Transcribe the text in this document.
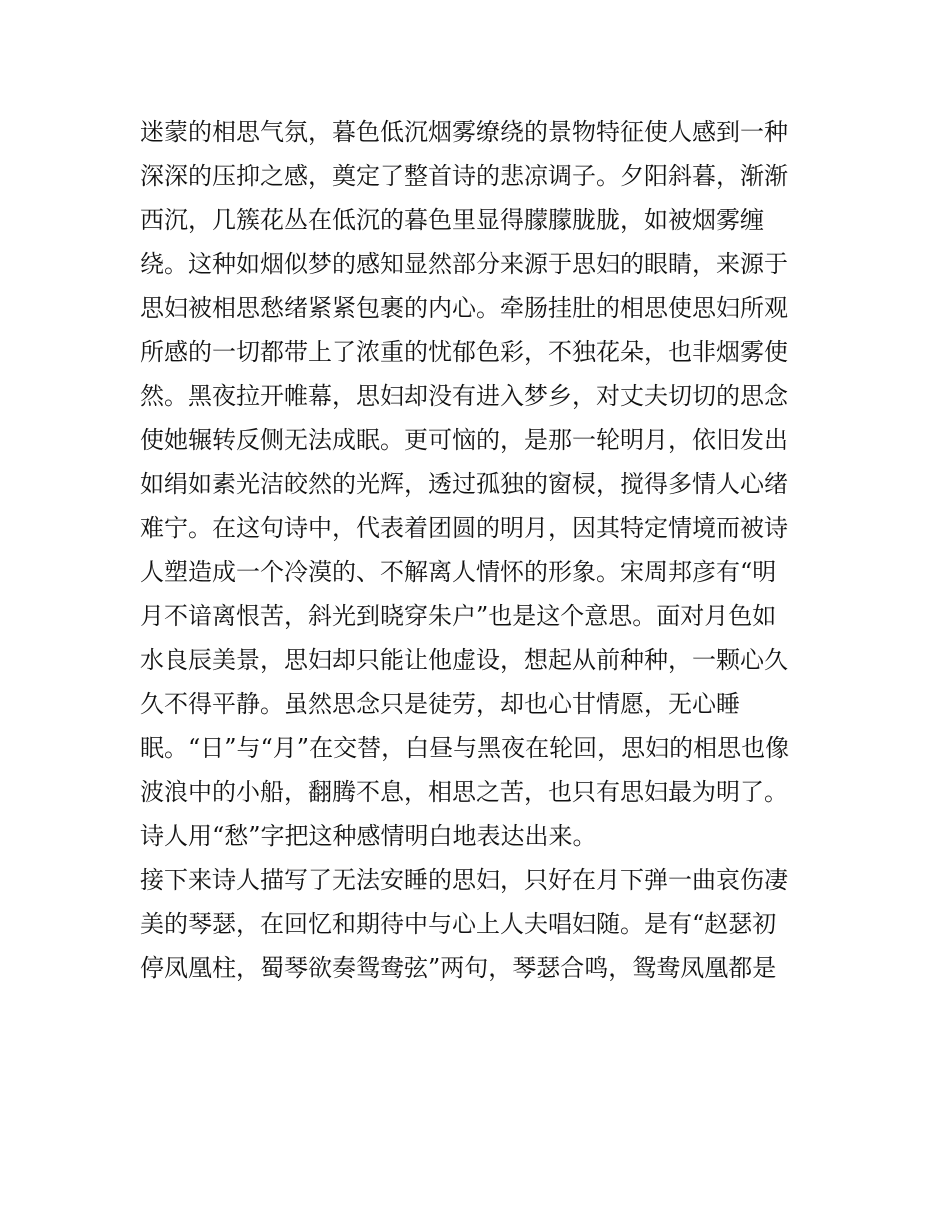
迷蒙的相思气氛，暮色低沉烟雾缭绕的景物特征使人感到一种
深深的压抑之感，奠定了整首诗的悲凉调子。夕阳斜暮，渐渐
西沉，几簇花丛在低沉的暮色里显得朦朦胧胧，如被烟雾缠
绕。这种如烟似梦的感知显然部分来源于思妇的眼睛，来源于
思妇被相思愁绪紧紧包裹的内心。牵肠挂肚的相思使思妇所观
所感的一切都带上了浓重的忧郁色彩，不独花朵，也非烟雾使
然。黑夜拉开帷幕，思妇却没有进入梦乡，对丈夫切切的思念
使她辗转反侧无法成眠。更可恼的，是那一轮明月，依旧发出
如绢如素光洁皎然的光辉，透过孤独的窗棂，搅得多情人心绪
难宁。在这句诗中，代表着团圆的明月，因其特定情境而被诗
人塑造成一个冷漠的、不解离人情怀的形象。宋周邦彦有“明
月不谙离恨苦，斜光到晓穿朱户”也是这个意思。面对月色如
水良辰美景，思妇却只能让他虚设，想起从前种种，一颗心久
久不得平静。虽然思念只是徒劳，却也心甘情愿，无心睡
眠。“日”与“月”在交替，白昼与黑夜在轮回，思妇的相思也像
波浪中的小船，翻腾不息，相思之苦，也只有思妇最为明了。
诗人用“愁”字把这种感情明白地表达出来。
接下来诗人描写了无法安睡的思妇，只好在月下弹一曲哀伤凄
美的琴瑟，在回忆和期待中与心上人夫唱妇随。是有“赵瑟初
停凤凰柱，蜀琴欲奏鸳鸯弦”两句，琴瑟合鸣，鸳鸯凤凰都是
